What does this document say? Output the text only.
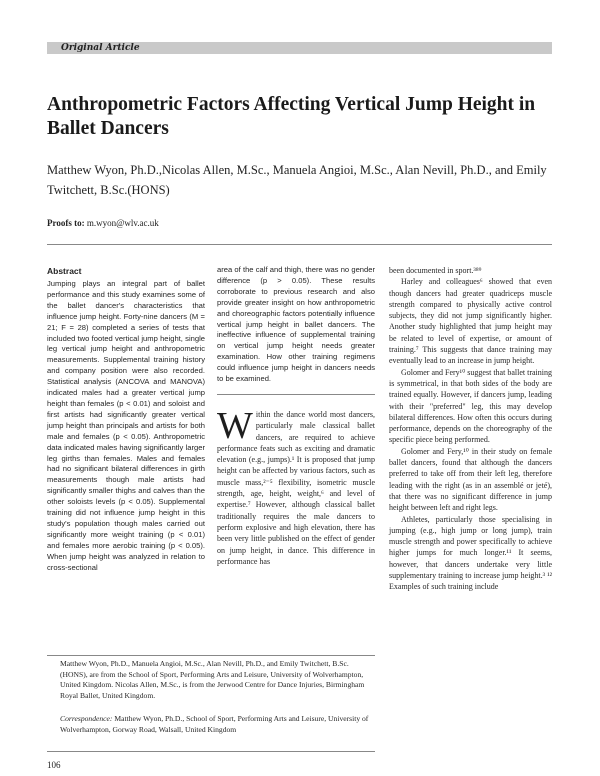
Original Article
Anthropometric Factors Affecting Vertical Jump Height in Ballet Dancers
Matthew Wyon, Ph.D.,Nicolas Allen, M.Sc., Manuela Angioi, M.Sc., Alan Nevill, Ph.D., and Emily Twitchett, B.Sc.(HONS)
Proofs to: m.wyon@wlv.ac.uk
Abstract
Jumping plays an integral part of ballet performance and this study examines some of the ballet dancer's characteristics that influence jump height. Forty-nine dancers (M = 21; F = 28) completed a series of tests that included two footed vertical jump height, single leg vertical jump height and anthropometric measurements. Supplemental training history and company position were also recorded. Statistical analysis (ANCOVA and MANOVA) indicated males had a greater vertical jump height than females (p < 0.01) and soloist and first artists had significantly greater vertical jump height than principals and artists for both male and females (p < 0.05). Anthropometric data indicated males having significantly larger leg girths than females. Males and females had no significant bilateral differences in girth measurements though male artists had significantly smaller thighs and calves than the other soloists levels (p < 0.05). Supplemental training did not influence jump height in this study's population though males carried out significantly more weight training (p < 0.01) and females more aerobic training (p < 0.05). When jump height was analyzed in relation to cross-sectional
area of the calf and thigh, there was no gender difference (p > 0.05). These results corroborate to previous research and also provide greater insight on how anthropometric and choreographic factors potentially influence vertical jump height in ballet dancers. The ineffective influence of supplemental training on vertical jump height needs greater examination. How other training regimens could influence jump height in dancers needs to be examined.

Within the dance world most dancers, particularly male classical ballet dancers, are required to achieve performance feats such as exciting and dramatic elevation (e.g., jumps).¹ It is proposed that jump height can be affected by various factors, such as muscle mass,²⁻⁵ flexibility, isometric muscle strength, age, height, weight,⁶ and level of expertise.⁷ However, although classical ballet traditionally requires the male dancers to perform explosive and high elevation, there has been very little published on the effect of gender on jump height, in dance. This difference in performance has

been documented in sport.³⁸⁹

Harley and colleagues⁶ showed that even though dancers had greater quadriceps muscle strength compared to physically active control subjects, they did not jump significantly higher. Another study highlighted that jump height may be related to level of expertise, or amount of training.⁷ This suggests that dance training may eventually lead to an increase in jump height.

Golomer and Fery¹⁰ suggest that ballet training is symmetrical, in that both sides of the body are trained equally. However, if dancers jump, leading with their "preferred" leg, this may develop bilateral differences. How often this occurs during performance, depends on the choreography of the specific piece being performed.

Golomer and Fery,¹⁰ in their study on female ballet dancers, found that although the dancers preferred to take off from their left leg, therefore leading with the right (as in an assemblé or jeté), that there was no significant difference in jump height between left and right legs.

Athletes, particularly those specialising in jumping (e.g., high jump or long jump), train muscle strength and power specifically to achieve higher jumps for much longer.¹¹ It seems, however, that dancers undertake very little supplementary training to increase jump height.³ ¹² Examples of such training include

Matthew Wyon, Ph.D., Manuela Angioi, M.Sc., Alan Nevill, Ph.D., and Emily Twitchett, B.Sc.(HONS), are from the School of Sport, Performing Arts and Leisure, University of Wolverhampton, United Kingdom. Nicolas Allen, M.Sc., is from the Jerwood Centre for Dance Injuries, Birmingham Royal Ballet, United Kingdom.
Correspondence: Matthew Wyon, Ph.D., School of Sport, Performing Arts and Leisure, University of Wolverhampton, Gorway Road, Walsall, United Kingdom
106
